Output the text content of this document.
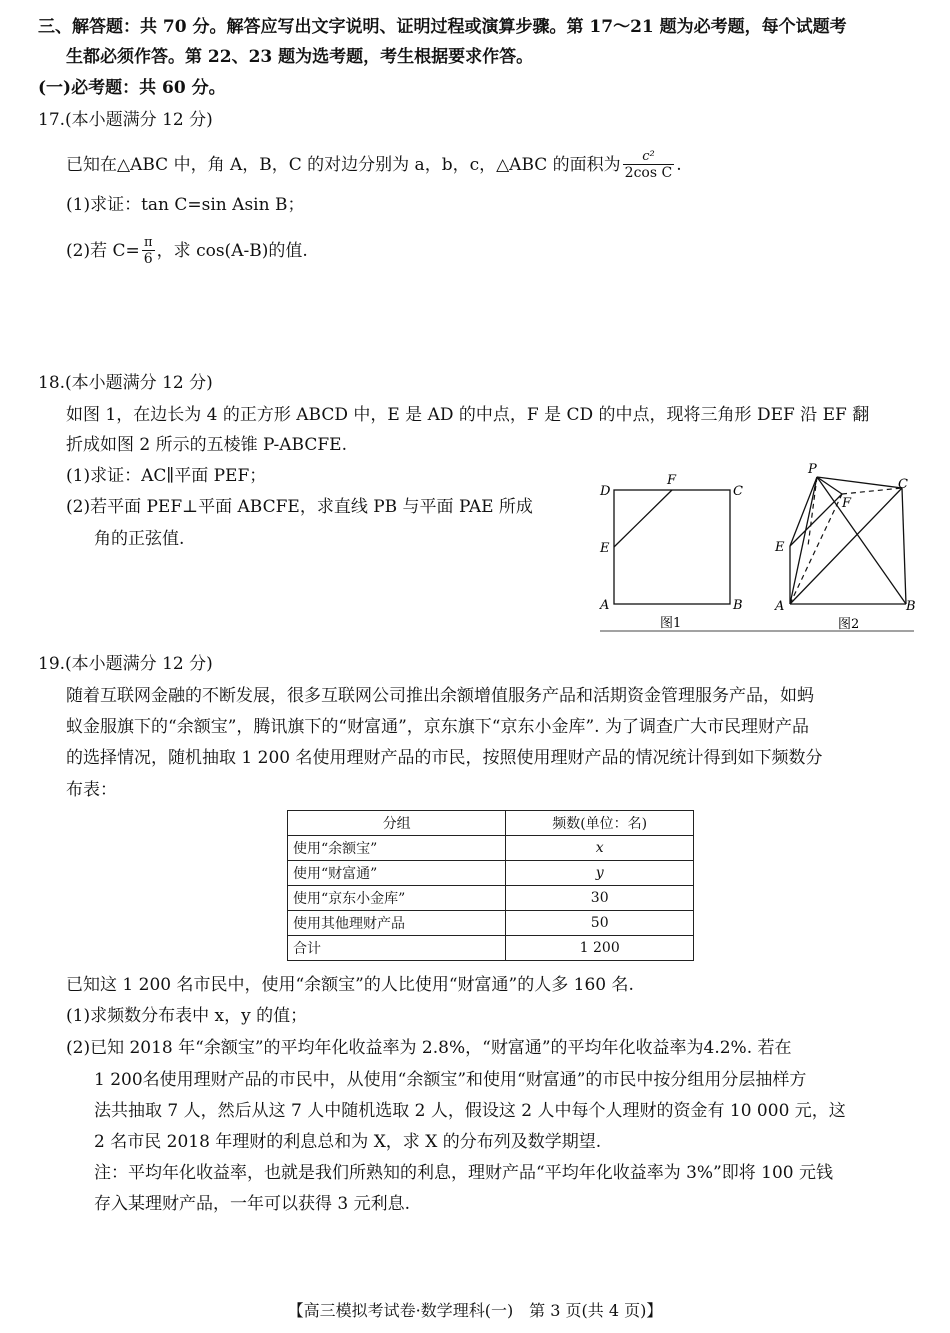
三、解答题：共 70 分。解答应写出文字说明、证明过程或演算步骤。第 17～21 题为必考题，每个试题考
生都必须作答。第 22、23 题为选考题，考生根据要求作答。
(一)必考题：共 60 分。
17.(本小题满分 12 分)
已知在△ABC 中，角 A，B，C 的对边分别为 a，b，c，△ABC 的面积为 $\frac{\text{c²}}{\text{2cos C}}$ .
(1)求证：tan C=sin Asin B；
(2)若 $C= \frac{\pi}{6}$ ，求 cos(A-B)的值.
18.(本小题满分 12 分)
如图 1，在边长为 4 的正方形 ABCD 中，E 是 AD 的中点，F 是 CD 的中点，现将三角形 DEF 沿 EF 翻
折成如图 2 所示的五棱锥 P-ABCFE.
(1)求证：AC∥平面 PEF；
(2)若平面 PEF⊥平面 ABCFE，求直线 PB 与平面 PAE 所成
角的正弦值.
D
F
C
E
A	B
图1
P
F
C
E
A	B
图2
19.(本小题满分 12 分)
随着互联网金融的不断发展，很多互联网公司推出余额增值服务产品和活期资金管理服务产品，如蚂
蚁金服旗下的“余额宝”，腾讯旗下的“财富通”，京东旗下“京东小金库”. 为了调查广大市民理财产品
的选择情况，随机抽取 1 200 名使用理财产品的市民，按照使用理财产品的情况统计得到如下频数分
布表：
分组	频数(单位：名)
使用“余额宝”	x
使用“财富通”	y
使用“京东小金库”	30
使用其他理财产品	50
合计	1 200
已知这 1 200 名市民中，使用“余额宝”的人比使用“财富通”的人多 160 名.
(1)求频数分布表中 x，y 的值；
(2)已知 2018 年“余额宝”的平均年化收益率为 2.8%，“财富通”的平均年化收益率为4.2%. 若在
1 200名使用理财产品的市民中，从使用“余额宝”和使用“财富通”的市民中按分组用分层抽样方
法共抽取 7 人，然后从这 7 人中随机选取 2 人，假设这 2 人中每个人理财的资金有 10 000 元，这
2 名市民 2018 年理财的利息总和为 X，求 X 的分布列及数学期望.
注：平均年化收益率，也就是我们所熟知的利息，理财产品“平均年化收益率为 3%”即将 100 元钱
存入某理财产品，一年可以获得 3 元利息.
【高三模拟考试卷·数学理科(一)　第 3 页(共 4 页)】
